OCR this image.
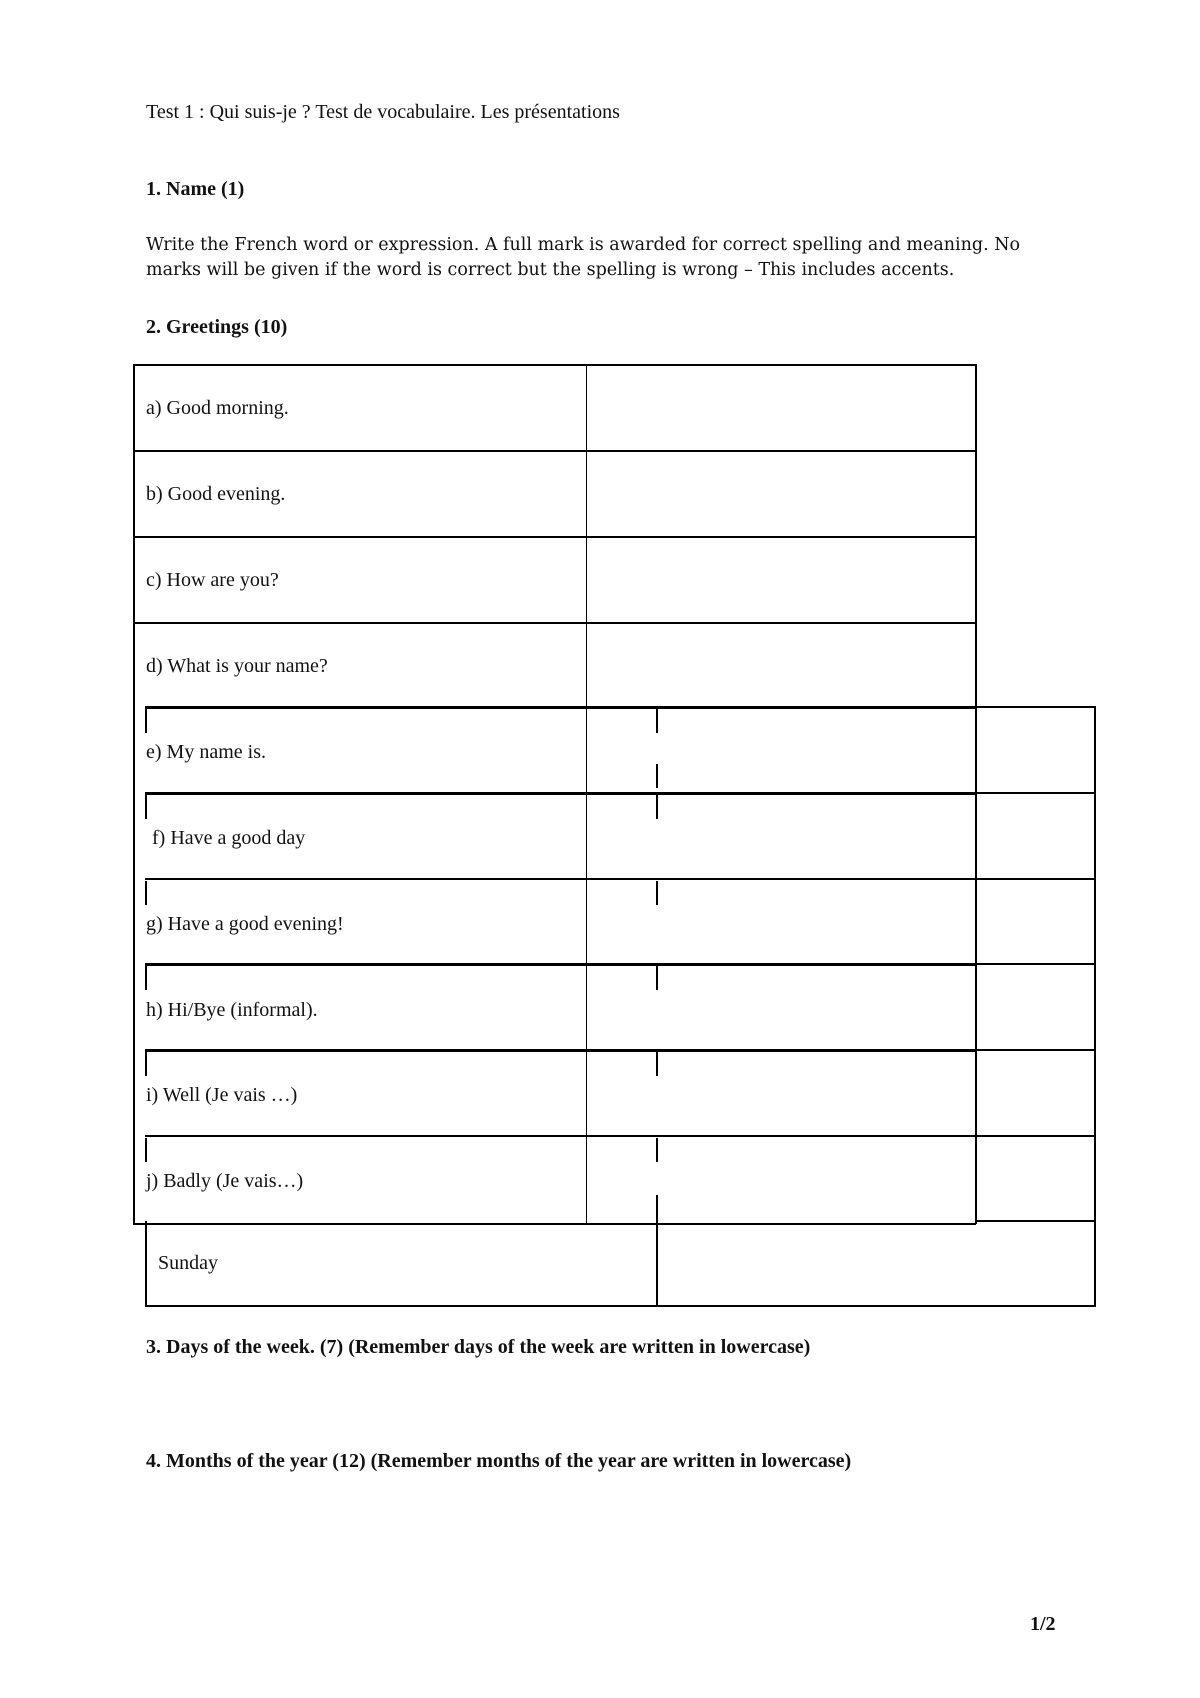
Test 1 : Qui suis-je ? Test de vocabulaire. Les présentations
1. Name (1)

Write the French word or expression. A full mark is awarded for correct spelling and meaning. No

marks will be given if the word is correct but the spelling is wrong – This includes accents.

2. Greetings (10)
a) Good morning.
b) Good evening.
c) How are you?
d) What is your name?
e) My name is.
f) Have a good day
g) Have a good evening!
h) Hi/Bye (informal).
i) Well (Je vais …)
j) Badly (Je vais…)
Sunday
3. Days of the week. (7) (Remember days of the week are written in lowercase)
4. Months of the year (12) (Remember months of the year are written in lowercase)
1/2
